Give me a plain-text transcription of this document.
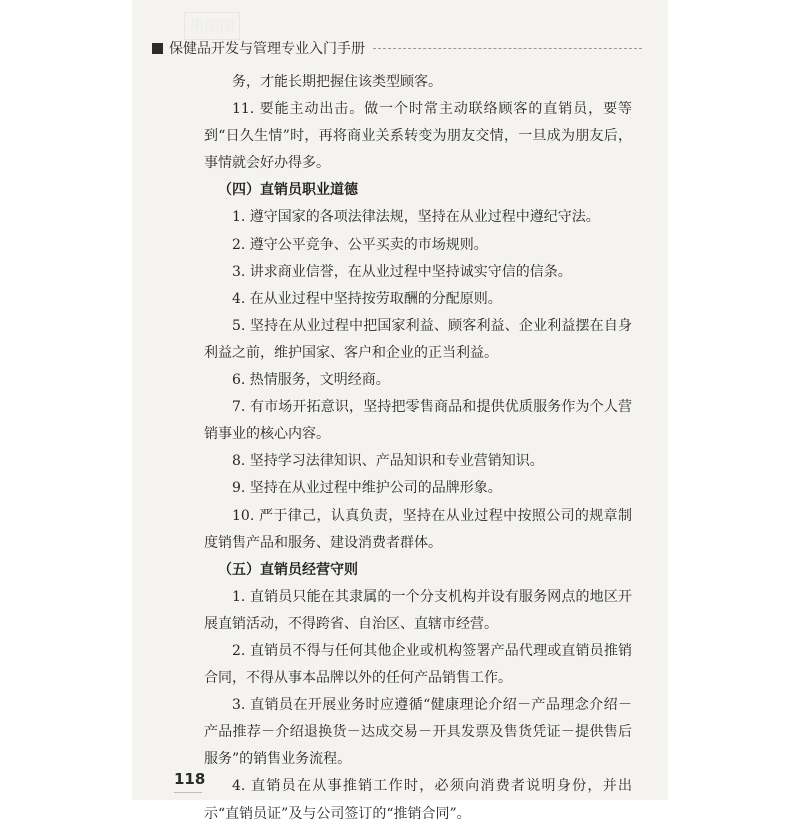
果国国
保健品开发与管理专业入门手册

务，才能长期把握住该类型顾客。

11. 要能主动出击。做一个时常主动联络顾客的直销员，要等到“日久生情”时，再将商业关系转变为朋友交情，一旦成为朋友后，事情就会好办得多。

（四）直销员职业道德

1. 遵守国家的各项法律法规，坚持在从业过程中遵纪守法。

2. 遵守公平竞争、公平买卖的市场规则。

3. 讲求商业信誉，在从业过程中坚持诚实守信的信条。

4. 在从业过程中坚持按劳取酬的分配原则。

5. 坚持在从业过程中把国家利益、顾客利益、企业利益摆在自身利益之前，维护国家、客户和企业的正当利益。

6. 热情服务，文明经商。

7. 有市场开拓意识，坚持把零售商品和提供优质服务作为个人营销事业的核心内容。

8. 坚持学习法律知识、产品知识和专业营销知识。

9. 坚持在从业过程中维护公司的品牌形象。

10. 严于律己，认真负责，坚持在从业过程中按照公司的规章制度销售产品和服务、建设消费者群体。

（五）直销员经营守则

1. 直销员只能在其隶属的一个分支机构并设有服务网点的地区开展直销活动，不得跨省、自治区、直辖市经营。

2. 直销员不得与任何其他企业或机构签署产品代理或直销员推销合同，不得从事本品牌以外的任何产品销售工作。

3. 直销员在开展业务时应遵循“健康理论介绍－产品理念介绍－产品推荐－介绍退换货－达成交易－开具发票及售货凭证－提供售后服务”的销售业务流程。

4. 直销员在从事推销工作时，必须向消费者说明身份，并出示“直销员证”及与公司签订的“推销合同”。

118
